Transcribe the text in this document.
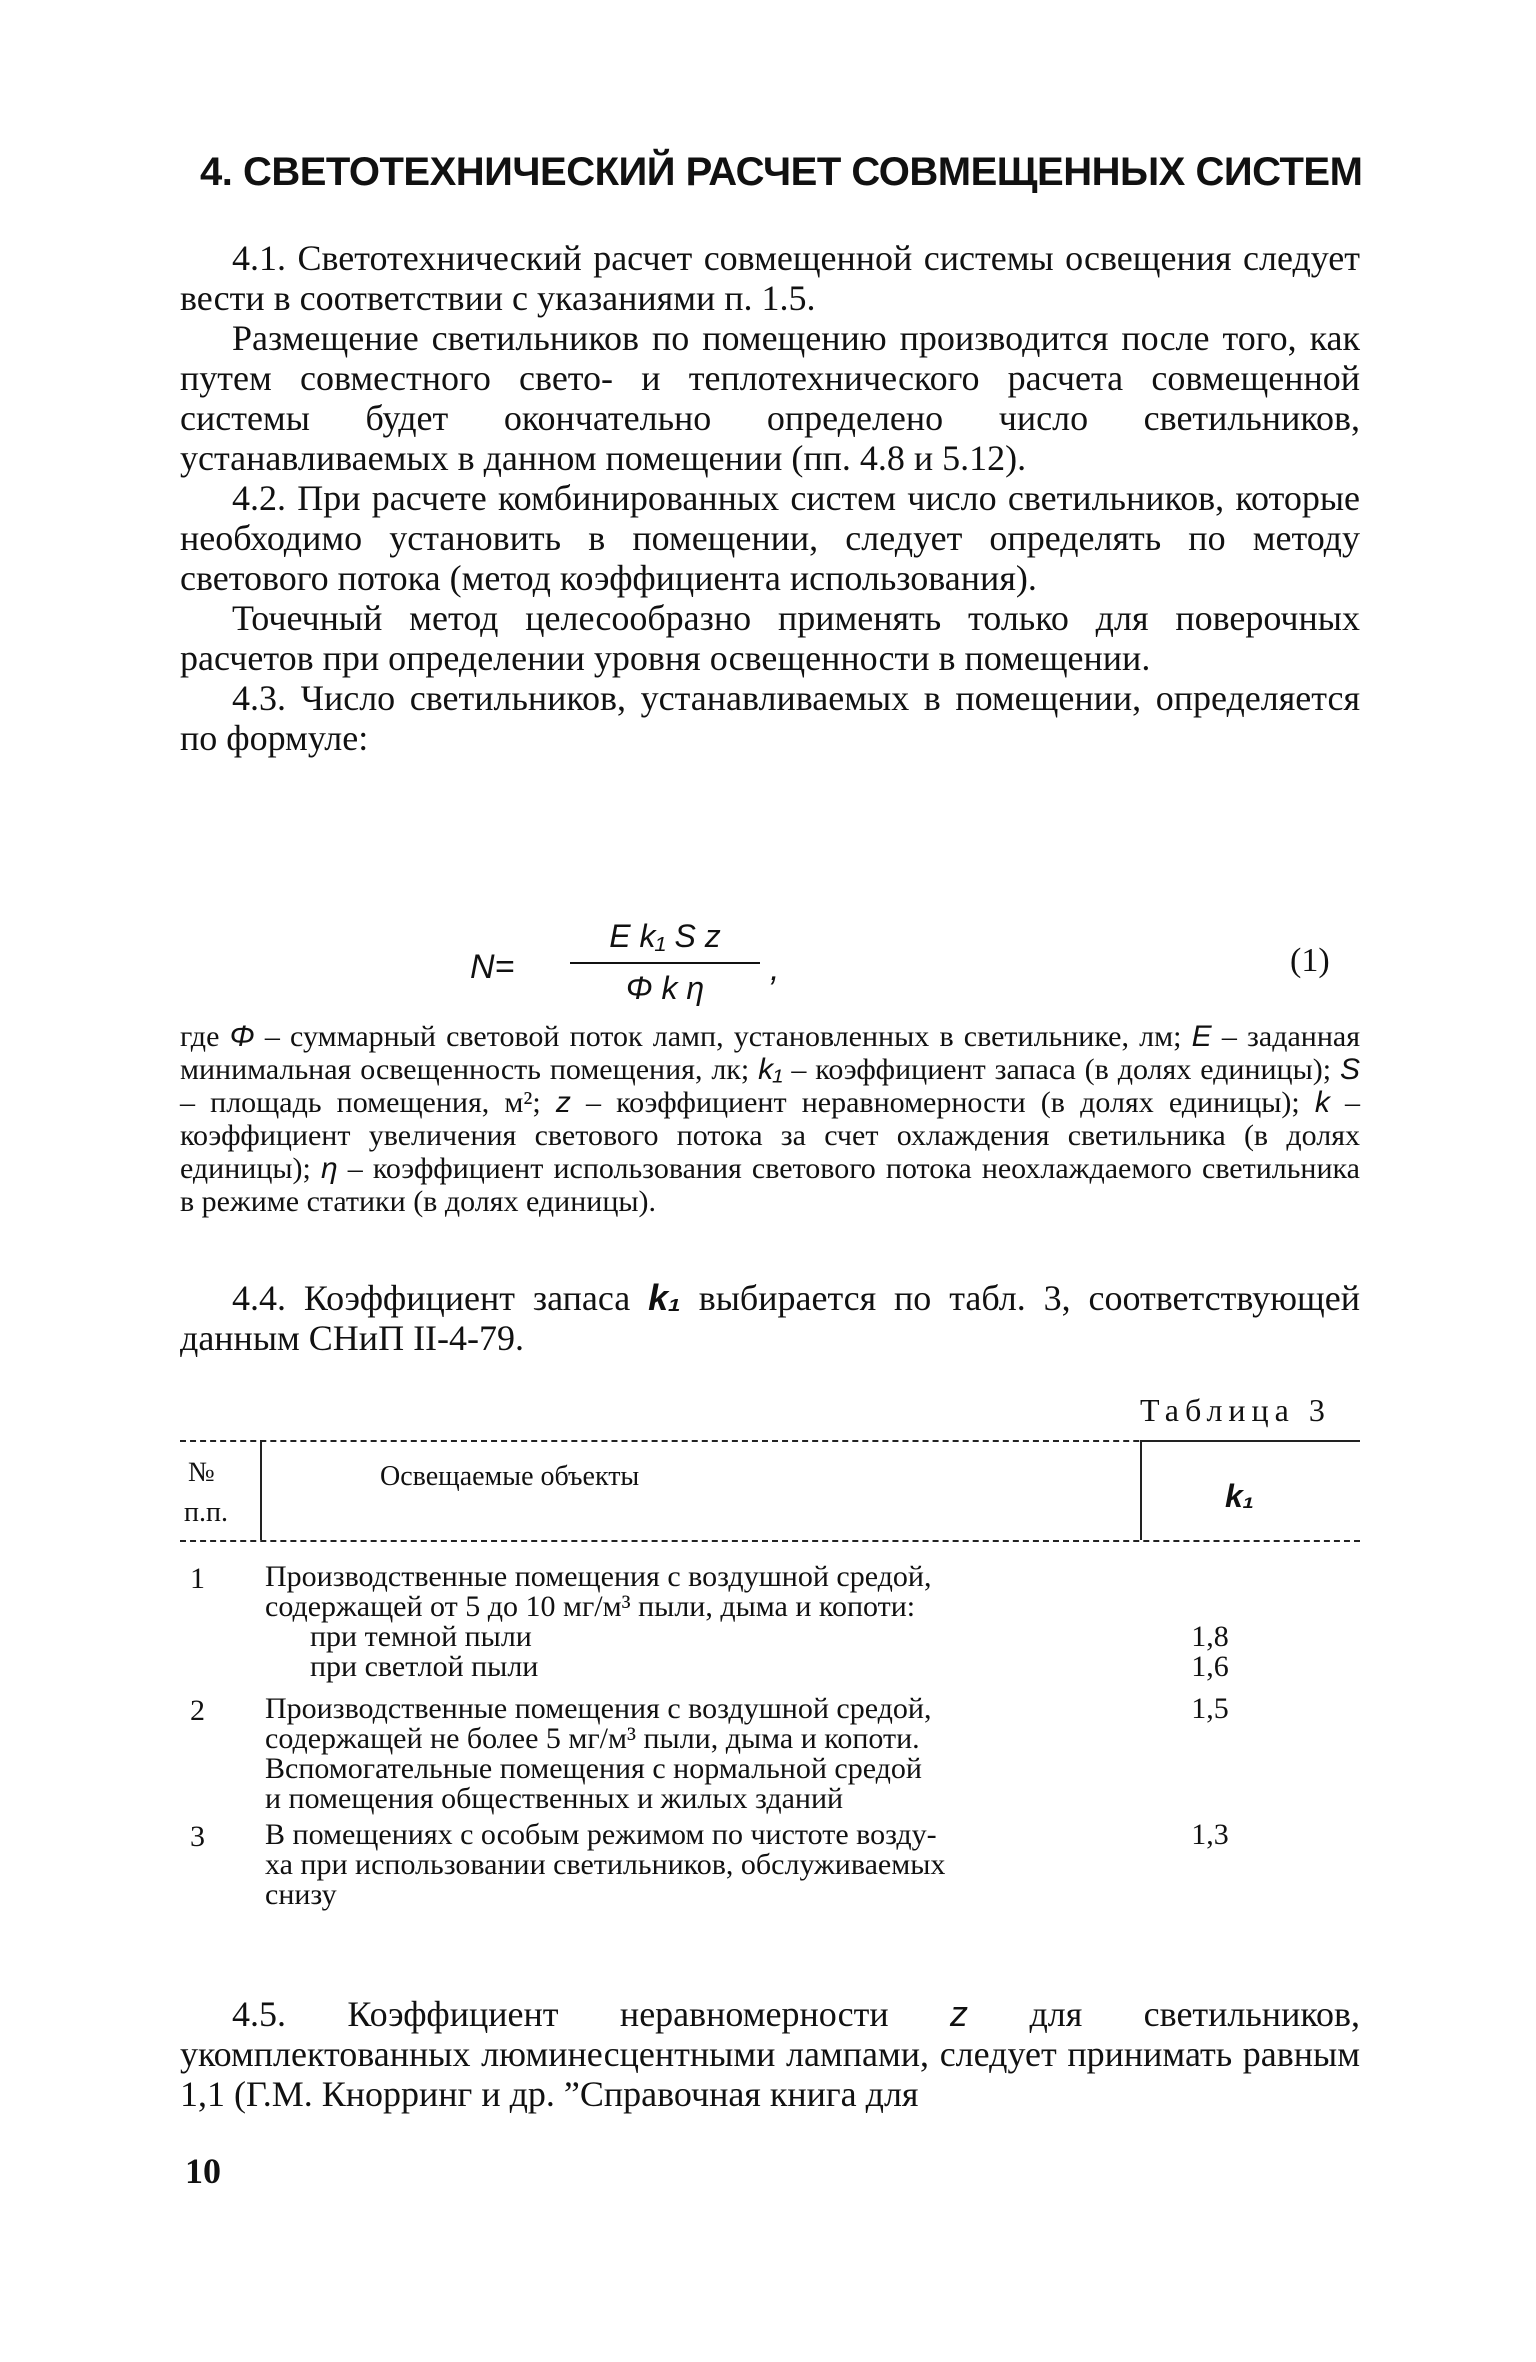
4. СВЕТОТЕХНИЧЕСКИЙ РАСЧЕТ СОВМЕЩЕННЫХ СИСТЕМ

4.1. Светотехнический расчет совмещенной системы освещения следует вести в соответствии с указаниями п. 1.5.

Размещение светильников по помещению производится после того, как путем совместного свето- и теплотехнического расчета совмещенной системы будет окончательно определено число светильников, устанавливаемых в данном помещении (пп. 4.8 и 5.12).

4.2. При расчете комбинированных систем число светильников, которые необходимо установить в помещении, следует определять по методу светового потока (метод коэффициента использования).

Точечный метод целесообразно применять только для поверочных расчетов при определении уровня освещенности в помещении.

4.3. Число светильников, устанавливаемых в помещении, определяется по формуле:

N=
E k₁ S z
Φ k η	,	(1)
где Φ – суммарный световой поток ламп, установленных в светильнике, лм; E – заданная минимальная освещенность помещения, лк; k₁ – коэффициент запаса (в долях единицы); S – площадь помещения, м²; z – коэффициент неравномерности (в долях единицы); k – коэффициент увеличения светового потока за счет охлаждения светильника (в долях единицы); η – коэффициент использования светового потока неохлаждаемого светильника в режиме статики (в долях единицы).

4.4. Коэффициент запаса k₁ выбирается по табл. 3, соответствующей данным СНиП II-4-79.

Таблица 3
№
п.п.
Освещаемые объекты
k₁
1 Производственные помещения с воздушной средой,
содержащей от 5 до 10 мг/м³ пыли, дыма и копоти:
при темной пыли
при светлой пыли
1,8
1,6
2 Производственные помещения с воздушной средой,
содержащей не более 5 мг/м³ пыли, дыма и копоти.
Вспомогательные помещения с нормальной средой
и помещения общественных и жилых зданий
1,5
3 В помещениях с особым режимом по чистоте возду-
ха при использовании светильников, обслуживаемых
снизу
1,3

4.5. Коэффициент неравномерности z для светильников, укомплектованных люминесцентными лампами, следует принимать равным 1,1 (Г.М. Кнорринг и др. ”Справочная книга для

10
